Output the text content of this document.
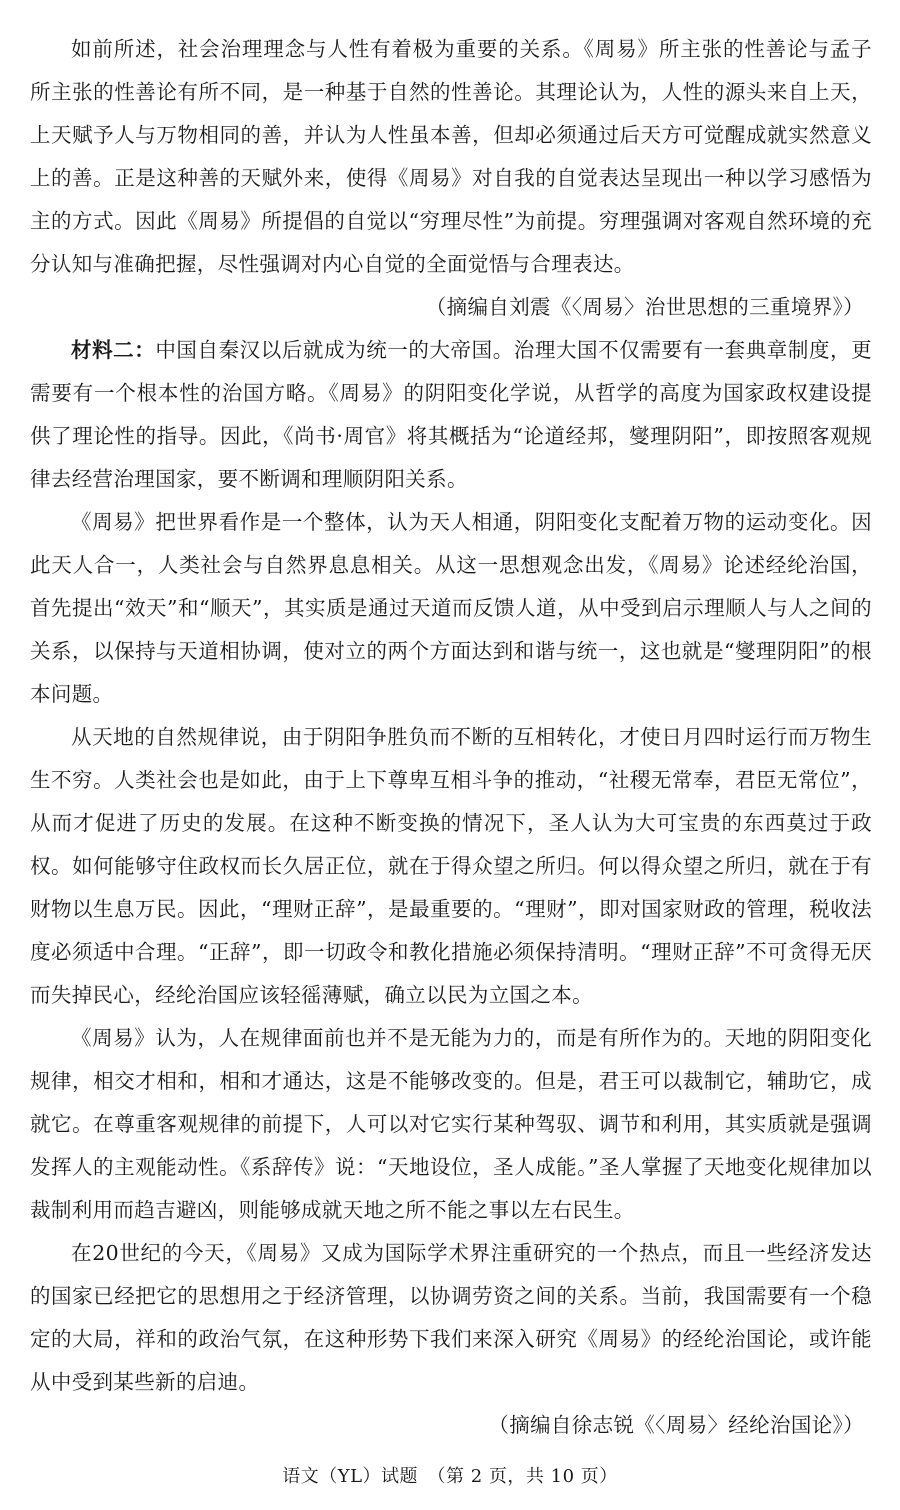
如前所述，社会治理理念与人性有着极为重要的关系。《周易》所主张的性善论与孟子所主张的性善论有所不同，是一种基于自然的性善论。其理论认为，人性的源头来自上天，上天赋予人与万物相同的善，并认为人性虽本善，但却必须通过后天方可觉醒成就实然意义上的善。正是这种善的天赋外来，使得《周易》对自我的自觉表达呈现出一种以学习感悟为主的方式。因此《周易》所提倡的自觉以“穷理尽性”为前提。穷理强调对客观自然环境的充分认知与准确把握，尽性强调对内心自觉的全面觉悟与合理表达。

（摘编自刘震《〈周易〉治世思想的三重境界》）

材料二：中国自秦汉以后就成为统一的大帝国。治理大国不仅需要有一套典章制度，更需要有一个根本性的治国方略。《周易》的阴阳变化学说，从哲学的高度为国家政权建设提供了理论性的指导。因此，《尚书·周官》将其概括为“论道经邦，燮理阴阳”，即按照客观规律去经营治理国家，要不断调和理顺阴阳关系。

《周易》把世界看作是一个整体，认为天人相通，阴阳变化支配着万物的运动变化。因此天人合一，人类社会与自然界息息相关。从这一思想观念出发，《周易》论述经纶治国，首先提出“效天”和“顺天”，其实质是通过天道而反馈人道，从中受到启示理顺人与人之间的关系，以保持与天道相协调，使对立的两个方面达到和谐与统一，这也就是“燮理阴阳”的根本问题。

从天地的自然规律说，由于阴阳争胜负而不断的互相转化，才使日月四时运行而万物生生不穷。人类社会也是如此，由于上下尊卑互相斗争的推动，“社稷无常奉，君臣无常位”，从而才促进了历史的发展。在这种不断变换的情况下，圣人认为大可宝贵的东西莫过于政权。如何能够守住政权而长久居正位，就在于得众望之所归。何以得众望之所归，就在于有财物以生息万民。因此，“理财正辞”，是最重要的。“理财”，即对国家财政的管理，税收法度必须适中合理。“正辞”，即一切政令和教化措施必须保持清明。“理财正辞”不可贪得无厌而失掉民心，经纶治国应该轻徭薄赋，确立以民为立国之本。

《周易》认为，人在规律面前也并不是无能为力的，而是有所作为的。天地的阴阳变化规律，相交才相和，相和才通达，这是不能够改变的。但是，君王可以裁制它，辅助它，成就它。在尊重客观规律的前提下，人可以对它实行某种驾驭、调节和利用，其实质就是强调发挥人的主观能动性。《系辞传》说：“天地设位，圣人成能。”圣人掌握了天地变化规律加以裁制利用而趋吉避凶，则能够成就天地之所不能之事以左右民生。

在20世纪的今天，《周易》又成为国际学术界注重研究的一个热点，而且一些经济发达的国家已经把它的思想用之于经济管理，以协调劳资之间的关系。当前，我国需要有一个稳定的大局，祥和的政治气氛，在这种形势下我们来深入研究《周易》的经纶治国论，或许能从中受到某些新的启迪。

（摘编自徐志锐《〈周易〉经纶治国论》）

语文（YL）试题　（第 2 页，共 10 页）
